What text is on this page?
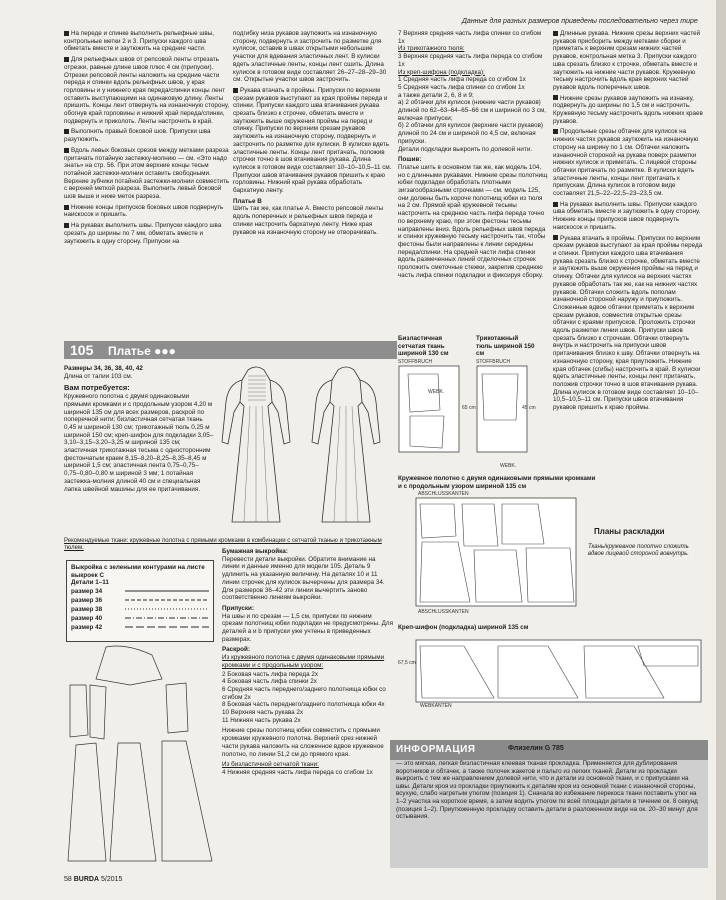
Данные для разных размеров приведены последовательно через тире

На переде и спинке выполнить рельефные швы, контрольные метки 2 и 3. Припуски каждого шва обметать вместе и заутюжить на средние части.

Для рельефных швов от репсовой ленты отрезать отрезки, равные длине швов плюс 4 см (припуски). Отрезки репсовой ленты наложить на средние части переда и спинки вдоль рельефных швов, у края горловины и у нижнего края переда/спинки концы лент оставить выступающими на одинаковую длину. Ленты пришить. Концы лент отвернуть на изнаночную сторону, обогнув край горловины и нижний край переда/спинки, подвернуть и приколоть. Ленты настрочить в край.

Выполнить правый боковой шов. Припуски шва разутюжить.

Вдоль левых боковых срезов между метками разреза притачать потайную застежку-молнию — см. «Это надо знать» на стр. 56. При этом верхние концы тесьм потайной застежки-молнии оставить свободными. Верхние зубчики потайной застежки-молнии совместить с верхней меткой разреза. Выполнить левый боковой шов выше и ниже меток разреза.

Нижние концы припусков боковых швов подвернуть наискосок и пришить.

На рукавах выполнить швы. Припуски каждого шва срезать до ширины по 7 мм, обметать вместе и заутюжить в одну сторону. Припуски на

подгибку низа рукавов заутюжить на изнаночную сторону, подвернуть и застрочить по разметке для кулисок, оставив в швах открытыми небольшие участки для вдевания эластичных лент. В кулиски вдеть эластичные ленты, концы лент сшить. Длина кулисок в готовом виде составляет 26–27–28–29–30 см. Открытые участки швов застрочить.

Рукава втачать в проймы. Припуски по верхним срезам рукавов выступают за края проймы переда и спинки. Припуски каждого шва втачивания рукава срезать близко к строчке, обметать вместе и заутюжить выше окружения проймы на перед и спинку. Припуски по верхним срезам рукавов заутюжить на изнаночную сторону, подвернуть и застрочить по разметке для кулиски. В кулиски вдеть эластичные ленты. Концы лент притачать, положив строчки точно в шов втачивания рукава. Длина кулисок в готовом виде составляет 10–10–10,5–11 см. Припуски швов втачивания рукавов пришить к краю горловины. Нижний край рукава обработать бархатную ленту.

Платье В

Шить так же, как платье А. Вместо репсовой ленты вдоль поперечных и рельефных швов переда и спинки настрочить бархатную ленту. Ниже края рукавов на изнаночную сторону не отворачивать.

7 Верхняя средняя часть лифа спинки со сгибом 1x

Из трикотажного тюля:

3 Верхняя средняя часть лифа переда со сгибом 1x

Из креп-шифона (подкладка):

1 Средняя часть лифа переда со сгибом 1x

5 Средняя часть лифа спинки со сгибом 1x

а также детали 2, 6, 8 и 9;

а) 2 обтачки для кулисок (нижние части рукавов) длиной по 62–63–64–65–66 см и шириной по 3 см, включая припуски;

б) 2 обтачки для кулисок (верхние части рукавов) длиной по 24 см и шириной по 4,5 см, включая припуски.

Детали подкладки выкроить по долевой нити.

Пошив:

Платье шить в основном так же, как модель 104, но с длинными рукавами. Нижние срезы полотнищ юбки подкладки обработать плотными зигзагообразными строчками — см. модель 125, они должны быть короче полотнищ юбки из тюля на 2 см. Прямой край кружевной тесьмы настрочить на среднюю часть лифа переда точно по верхнему краю, при этом фестоны тесьмы направлены вниз. Вдоль рельефных швов переда и спинки кружевную тесьму настрочить так, чтобы фестоны были направлены к линии середины переда/спинки. На средней части лифа спинки вдоль размеченных линий отделочных строчек проложить сметочные стежки, закрепив среднюю часть лифа спинки подкладки и фиксируя сборку.

Длинные рукава. Нижние срезы верхних частей рукавов присборить между метками сборки и приметать к верхним срезам нижних частей рукавов, контрольная метка 3. Припуски каждого шва срезать близко к строчке, обметать вместе и заутюжить на нижние части рукавов. Кружевную тесьму настрочить вдоль края верхних частей рукавов вдоль поперечных швов.

Нижние срезы рукавов заутюжить на изнанку, подвернуть до ширины по 1,5 см и настрочить. Кружевную тесьму настрочить вдоль нижних краев рукавов.

Продольные срезы обтачек для кулисок на нижних частях рукавов заутюжить на изнаночную сторону на ширину по 1 см. Обтачки наложить изнаночной стороной на рукава поверх разметки нижних кулисок и приметать. С лицевой стороны обтачки притачать по разметке. В кулиски вдеть эластичные ленты, концы лент притачать к припускам. Длина кулисок в готовом виде составляет 21,5–22–22,5–23–23,5 см.

На рукавах выполнить швы. Припуски каждого шва обметать вместе и заутюжить в одну сторону. Нижние концы припусков швов подвернуть наискосок и пришить.

Рукава втачать в проймы. Припуски по верхним срезам рукавов выступают за края проймы переда и спинки. Припуски каждого шва втачивания рукава срезать близко к строчке, обметать вместе и заутюжить выше окружения проймы на перед и спинку. Обтачки для кулисок на верхних частях рукавов обработать так же, как на нижних частях рукавов. Обтачки сложить вдоль пополам изнаночной стороной наружу и приутюжить. Сложенные вдвое обтачки приметать к верхним срезам рукавов, совместив открытые срезы обтачки с краями припусков. Проложить строчки вдоль разметки линии швов. Припуски швов срезать близко к строчкам. Обтачки отвернуть внутрь и настрочить на припуски швов притачивания близко к шву. Обтачки отвернуть на изнаночную сторону, края приутюжить. Нижние края обтачек (сгибы) настрочить в край. В кулиски вдеть эластичные ленты, концы лент притачать, положив строчки точно в шов втачивания рукава. Длина кулисок в готовом виде составляет 10–10–10,5–10,5–11 см. Припуски швов втачивания рукавов пришить к краю проймы.

105 Платье ●●●

Размеры 34, 36, 38, 40, 42

Длина от талии 103 см.

Вам потребуется:

Кружевного полотна с двумя одинаковыми прямыми кромками и с продольным узором 4,20 м шириной 135 см для всех размеров, раскрой по поперечной нити; бизластичная сетчатая ткань 0,45 м шириной 130 см; трикотажный тюль 0,25 м шириной 150 см; креп-шифон для подкладки 3,05–3,10–3,15–3,20–3,25 м шириной 135 см; эластичная трикотажная тесьма с односторонним фестончатым краем 8,15–8,20–8,25–8,35–8,45 м шириной 1,5 см; эластичная лента 0,75–0,75–0,75–0,80–0,80 м шириной 3 мм; 1 потайная застежка-молния длиной 40 см и специальная лапка швейной машины для ее притачивания.

Рекомендуемые ткани: кружевные полотна с прямыми кромками в комбинации с сетчатой тканью и трикотажным тюлем.
Выкройка с зелеными контурами на листе выкроек С
Детали 1–11
размер 34
размер 36
размер 38
размер 40
размер 42

Бумажная выкройка:

Перевести детали выкройки. Обратите внимание на линии и данные именно для модели 105. Деталь 9 удлинить на указанную величину. На деталях 10 и 11 линии строчек для кулисок вычерчены для размера 34. Для размеров 36–42 эти линии вычертить заново соответственно линиям выкройки.

Припуски:

На швы и по срезам — 1,5 см, припуски по нижним срезам полотнищ юбки подкладки не предусмотрены. Для деталей а и b припуски уже учтены в приведенных размерах.

Раскрой:

Из кружевного полотна с двумя одинаковыми прямыми кромками и с продольным узором:

2 Боковая часть лифа переда 2x

4 Боковая часть лифа спинки 2x

6 Средняя часть переднего/заднего полотнища юбки со сгибом 2x

8 Боковая часть переднего/заднего полотнища юбки 4x

10 Верхняя часть рукава 2x

11 Нижняя часть рукава 2x

Нижние срезы полотнищ юбки совместить с прямыми кромками кружевного полотна. Верхний срез нижней части рукава наложить на сложенное вдвое кружевное полотно, по линии 51,2 см до прямого края.

Из бизластичной сетчатой ткани:

4 Нижняя средняя часть лифа переда со сгибом 1x

Бизластичная сетчатая ткань шириной 130 см
Трикотажный тюль шириной 150 см
STOFFBRUCH
WEBK.
65 cm
STOFFBRUCH
WEBK.
45 cm
Кружевное полотно с двумя одинаковыми прямыми кромками и с продольным узором шириной 135 см
ABSCHLUSSKANTEN
ABSCHLUSSKANTEN
Планы раскладки
Ткань/кружевное полотно сложить вдвое лицевой стороной вовнутрь.
Креп-шифон (подкладка) шириной 135 см
67,5 cm
WEBKANTEN
ИНФОРМАЦИЯ	Флизелин G 785
— это мягкая, легкая бизластичная клеевая тканая прокладка. Применяется для дублирования воротников и обтачек, а также полочек жакетов и пальто из легких тканей. Детали из прокладки выкроить с тем же направлением долевой нити, что и детали из основной ткани, и с припусками на швы. Детали кроя из прокладки приутюжить к деталям кроя из основной ткани с изнаночной стороны, всухую, слабо нагретым утюгом (позиция 1). Сначала во избежание перекоса ткани поставить утюг на 1–2 участка на короткое время, а затем водить утюгом по всей площади детали в течение ок. 8 секунд (позиция 1–2). Приутюженную прокладку оставить детали в разложенном виде на ок. 20–30 минут для остывания.
58 BURDA 5/2015
